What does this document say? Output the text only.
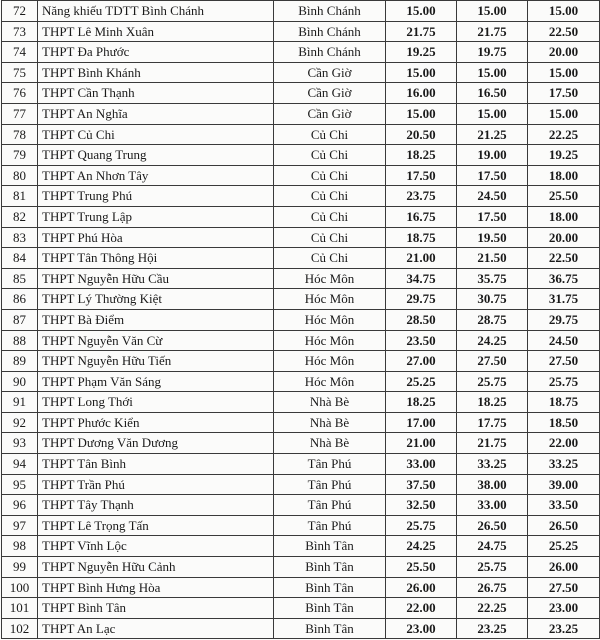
72	Năng khiếu TDTT Bình Chánh	Bình Chánh	15.00	15.00	15.00
73	THPT Lê Minh Xuân	Bình Chánh	21.75	21.75	22.50
74	THPT Đa Phước	Bình Chánh	19.25	19.75	20.00
75	THPT Bình Khánh	Cần Giờ	15.00	15.00	15.00
76	THPT Cần Thạnh	Cần Giờ	16.00	16.50	17.50
77	THPT An Nghĩa	Cần Giờ	15.00	15.00	15.00
78	THPT Củ Chi	Củ Chi	20.50	21.25	22.25
79	THPT Quang Trung	Củ Chi	18.25	19.00	19.25
80	THPT An Nhơn Tây	Củ Chi	17.50	17.50	18.00
81	THPT Trung Phú	Củ Chi	23.75	24.50	25.50
82	THPT Trung Lập	Củ Chi	16.75	17.50	18.00
83	THPT Phú Hòa	Củ Chi	18.75	19.50	20.00
84	THPT Tân Thông Hội	Củ Chi	21.00	21.50	22.50
85	THPT Nguyễn Hữu Cầu	Hóc Môn	34.75	35.75	36.75
86	THPT Lý Thường Kiệt	Hóc Môn	29.75	30.75	31.75
87	THPT Bà Điểm	Hóc Môn	28.50	28.75	29.75
88	THPT Nguyễn Văn Cừ	Hóc Môn	23.50	24.25	24.50
89	THPT Nguyễn Hữu Tiến	Hóc Môn	27.00	27.50	27.50
90	THPT Phạm Văn Sáng	Hóc Môn	25.25	25.75	25.75
91	THPT Long Thới	Nhà Bè	18.25	18.25	18.75
92	THPT Phước Kiển	Nhà Bè	17.00	17.75	18.50
93	THPT Dương Văn Dương	Nhà Bè	21.00	21.75	22.00
94	THPT Tân Bình	Tân Phú	33.00	33.25	33.25
95	THPT Trần Phú	Tân Phú	37.50	38.00	39.00
96	THPT Tây Thạnh	Tân Phú	32.50	33.00	33.50
97	THPT Lê Trọng Tấn	Tân Phú	25.75	26.50	26.50
98	THPT Vĩnh Lộc	Bình Tân	24.25	24.75	25.25
99	THPT Nguyễn Hữu Cảnh	Bình Tân	25.50	25.75	26.00
100	THPT Bình Hưng Hòa	Bình Tân	26.00	26.75	27.50
101	THPT Bình Tân	Bình Tân	22.00	22.25	23.00
102	THPT An Lạc	Bình Tân	23.00	23.25	23.25
